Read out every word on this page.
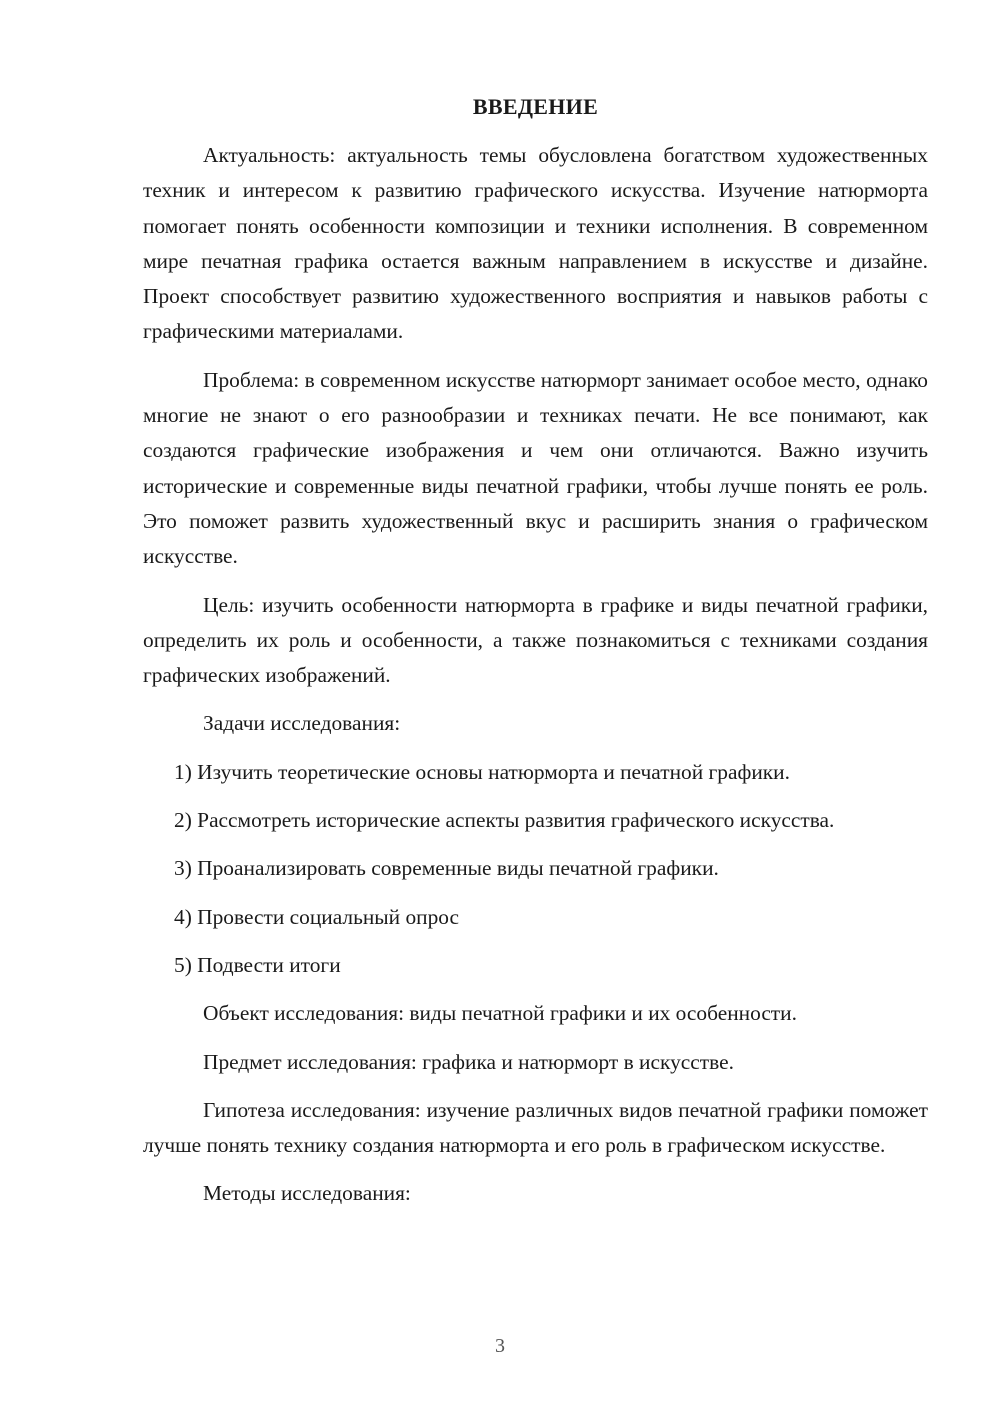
ВВЕДЕНИЕ

Актуальность: актуальность темы обусловлена богатством художественных техник и интересом к развитию графического искусства. Изучение натюрморта помогает понять особенности композиции и техники исполнения. В современном мире печатная графика остается важным направлением в искусстве и дизайне. Проект способствует развитию художественного восприятия и навыков работы с графическими материалами.

Проблема: в современном искусстве натюрморт занимает особое место, однако многие не знают о его разнообразии и техниках печати. Не все понимают, как создаются графические изображения и чем они отличаются. Важно изучить исторические и современные виды печатной графики, чтобы лучше понять ее роль. Это поможет развить художественный вкус и расширить знания о графическом искусстве.

Цель: изучить особенности натюрморта в графике и виды печатной графики, определить их роль и особенности, а также познакомиться с техниками создания графических изображений.

Задачи исследования:

1) Изучить теоретические основы натюрморта и печатной графики.

2) Рассмотреть исторические аспекты развития графического искусства.

3) Проанализировать современные виды печатной графики.

4) Провести социальный опрос

5) Подвести итоги

Объект исследования: виды печатной графики и их особенности.

Предмет исследования: графика и натюрморт в искусстве.

Гипотеза исследования: изучение различных видов печатной графики поможет лучше понять технику создания натюрморта и его роль в графическом искусстве.

Методы исследования:

3
